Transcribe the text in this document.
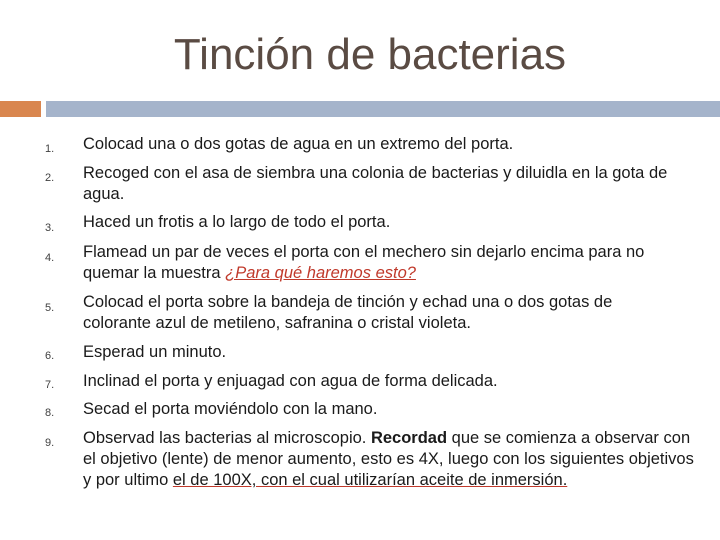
Tinción de bacterias
1. Colocad una o dos gotas de agua en un extremo del porta.
2. Recoged con el asa de siembra una colonia de bacterias y diluidla en la gota de agua.
3. Haced un frotis a lo largo de todo el porta.
4. Flamead un par de veces el porta con el mechero sin dejarlo encima para no quemar la muestra ¿Para qué haremos esto?
5. Colocad el porta sobre la bandeja de tinción y echad una o dos gotas de colorante azul de metileno, safranina o cristal violeta.
6. Esperad un minuto.
7. Inclinad el porta y enjuagad con agua de forma delicada.
8. Secad el porta moviéndolo con la mano.
9. Observad las bacterias al microscopio. Recordad que se comienza a observar con el objetivo (lente) de menor aumento, esto es 4X, luego con los siguientes objetivos y por ultimo el de 100X, con el cual utilizarían aceite de inmersión.
